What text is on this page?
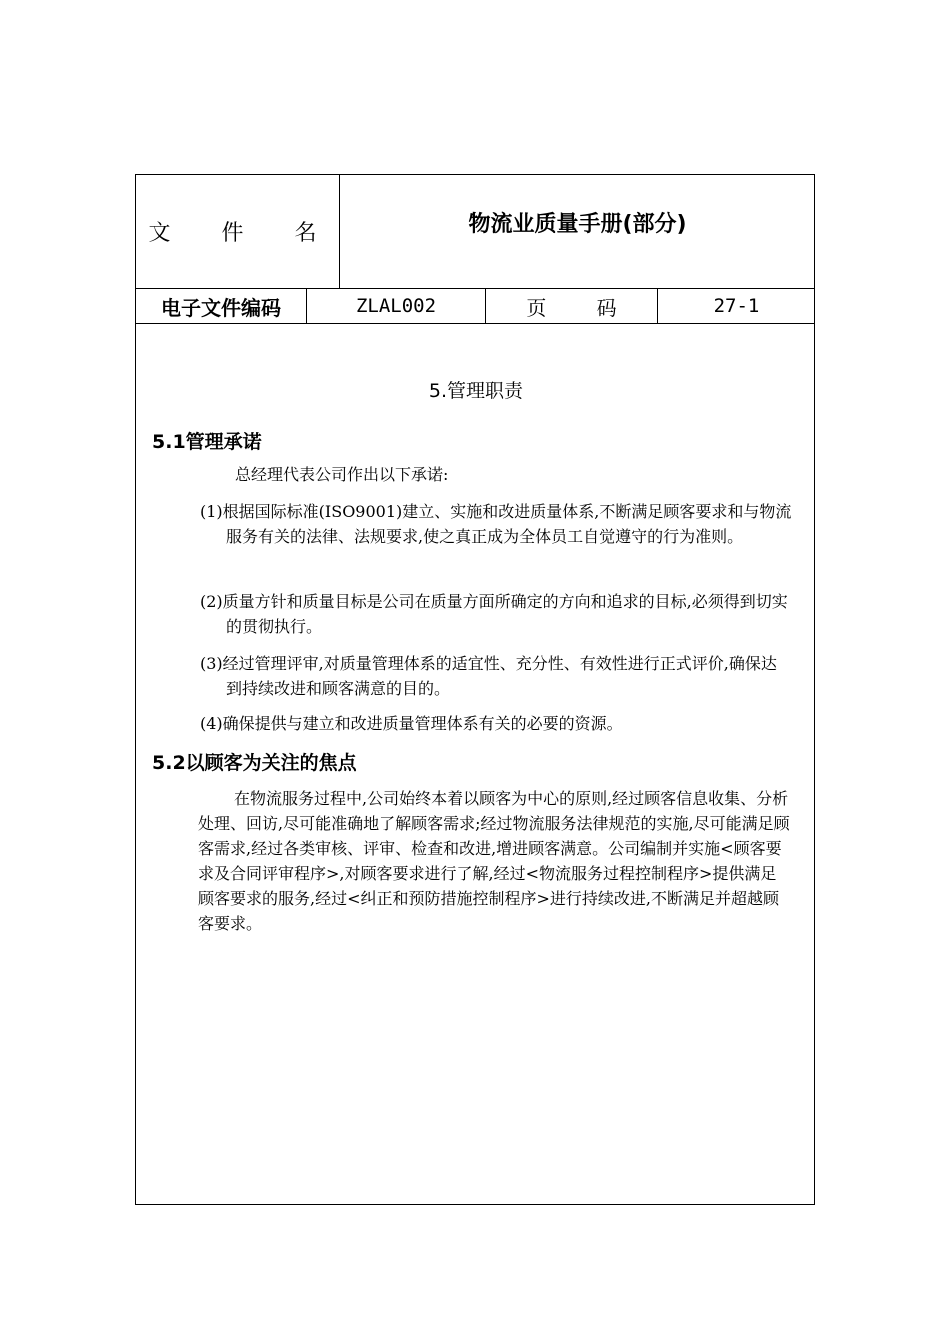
文 件 名	物流业质量手册(部分)
电子文件编码	ZLAL002	页 码	27-1
5.管理职责
5.1管理承诺
总经理代表公司作出以下承诺:
(1)根据国际标准(ISO9001)建立、实施和改进质量体系,不断满足顾客要求和与物流服务有关的法律、法规要求,使之真正成为全体员工自觉遵守的行为准则。
(2)质量方针和质量目标是公司在质量方面所确定的方向和追求的目标,必须得到切实的贯彻执行。
(3)经过管理评审,对质量管理体系的适宜性、充分性、有效性进行正式评价,确保达到持续改进和顾客满意的目的。
(4)确保提供与建立和改进质量管理体系有关的必要的资源。
5.2以顾客为关注的焦点
在物流服务过程中,公司始终本着以顾客为中心的原则,经过顾客信息收集、分析处理、回访,尽可能准确地了解顾客需求;经过物流服务法律规范的实施,尽可能满足顾客需求,经过各类审核、评审、检查和改进,增进顾客满意。公司编制并实施<顾客要求及合同评审程序>,对顾客要求进行了解,经过<物流服务过程控制程序>提供满足顾客要求的服务,经过<纠正和预防措施控制程序>进行持续改进,不断满足并超越顾客要求。
